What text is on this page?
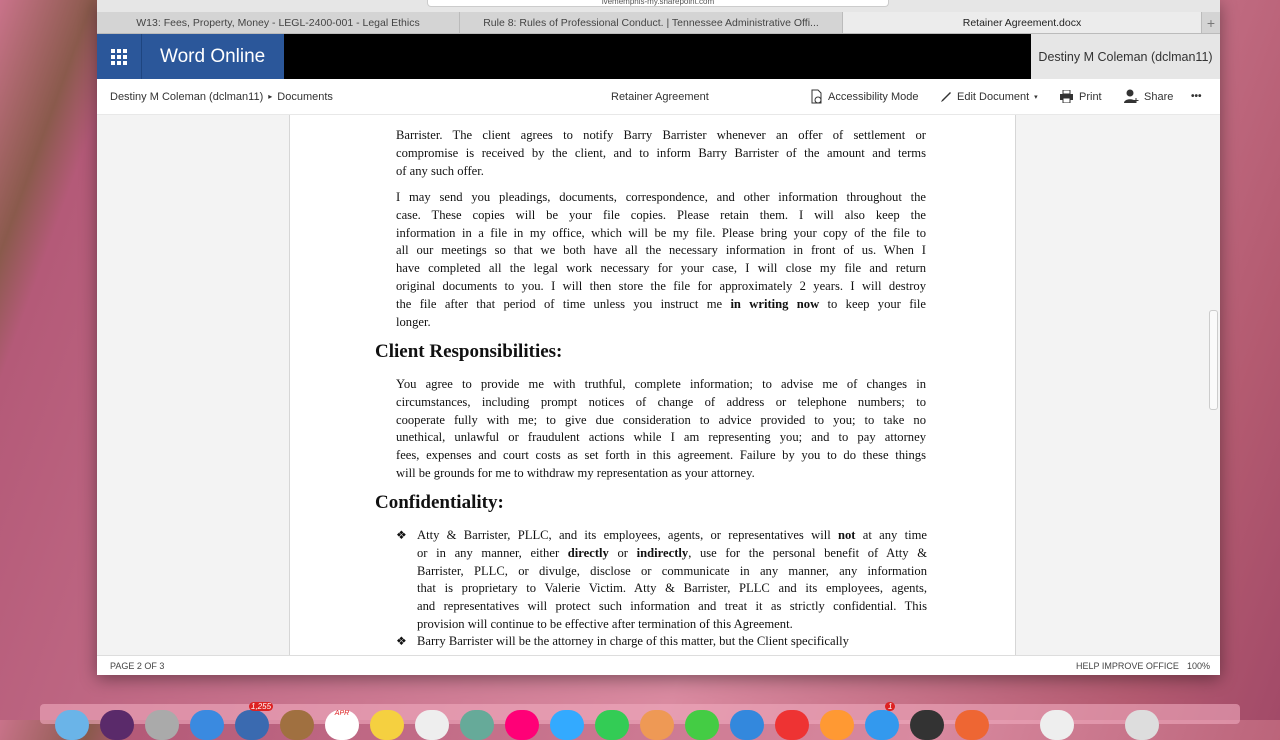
ivememphis-my.sharepoint.com
W13: Fees, Property, Money - LEGL-2400-001 - Legal Ethics	Rule 8: Rules of Professional Conduct. | Tennessee Administrative Offi...	Retainer Agreement.docx	+
Word Online	Destiny M Coleman (dclman11)
Destiny M Coleman (dclman11) ▸ Documents	Retainer Agreement	Accessibility Mode	Edit Document ▾	Print	Share •••
Barrister. The client agrees to notify Barry Barrister whenever an offer of settlement or
compromise is received by the client, and to inform Barry Barrister of the amount and terms
of any such offer.
I may send you pleadings, documents, correspondence, and other information throughout the
case. These copies will be your file copies. Please retain them. I will also keep the
information in a file in my office, which will be my file. Please bring your copy of the file to
all our meetings so that we both have all the necessary information in front of us. When I
have completed all the legal work necessary for your case, I will close my file and return
original documents to you. I will then store the file for approximately 2 years. I will destroy
the file after that period of time unless you instruct me in writing now to keep your file
longer.
Client Responsibilities:
You agree to provide me with truthful, complete information; to advise me of changes in
circumstances, including prompt notices of change of address or telephone numbers; to
cooperate fully with me; to give due consideration to advice provided to you; to take no
unethical, unlawful or fraudulent actions while I am representing you; and to pay attorney
fees, expenses and court costs as set forth in this agreement. Failure by you to do these things
will be grounds for me to withdraw my representation as your attorney.
Confidentiality:
❖ Atty & Barrister, PLLC, and its employees, agents, or representatives will not at any time
or in any manner, either directly or indirectly, use for the personal benefit of Atty &
Barrister, PLLC, or divulge, disclose or communicate in any manner, any information
that is proprietary to Valerie Victim. Atty & Barrister, PLLC and its employees, agents,
and representatives will protect such information and treat it as strictly confidential. This
provision will continue to be effective after termination of this Agreement.
❖ Barry Barrister will be the attorney in charge of this matter, but the Client specifically
PAGE 2 OF 3	HELP IMPROVE OFFICE 100%
1,255
APR
1
